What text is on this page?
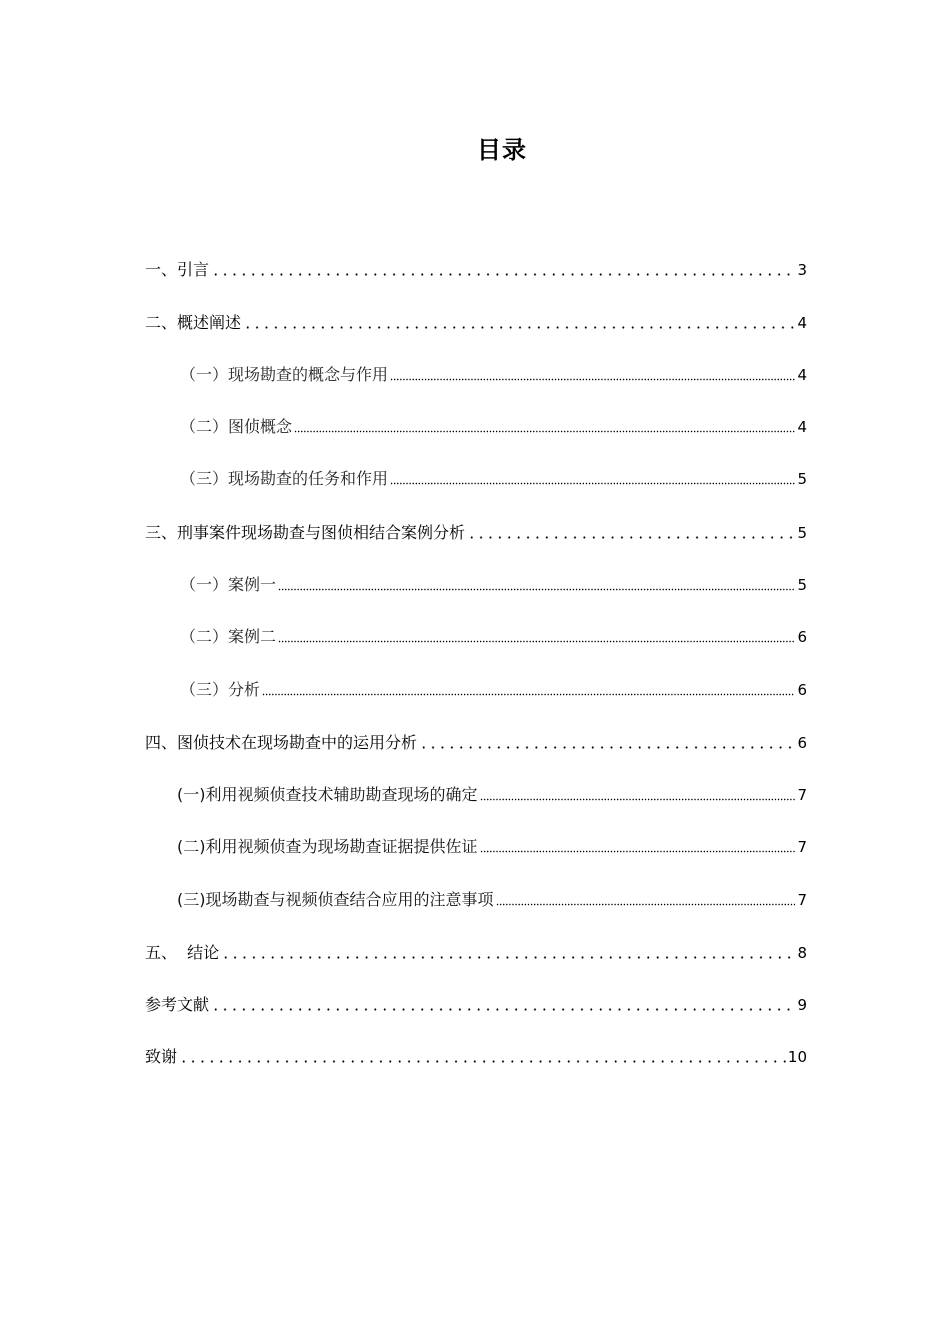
目录
一、引言	3
二、概述阐述	4
（一）现场勘查的概念与作用	4
（二）图侦概念	4
（三）现场勘查的任务和作用	5
三、刑事案件现场勘查与图侦相结合案例分析	5
（一）案例一	5
（二）案例二	6
（三）分析	6
四、图侦技术在现场勘查中的运用分析	6
(一)利用视频侦查技术辅助勘查现场的确定	7
(二)利用视频侦查为现场勘查证据提供佐证	7
(三)现场勘查与视频侦查结合应用的注意事项	7
五、  结论	8
参考文献	9
致谢	10
